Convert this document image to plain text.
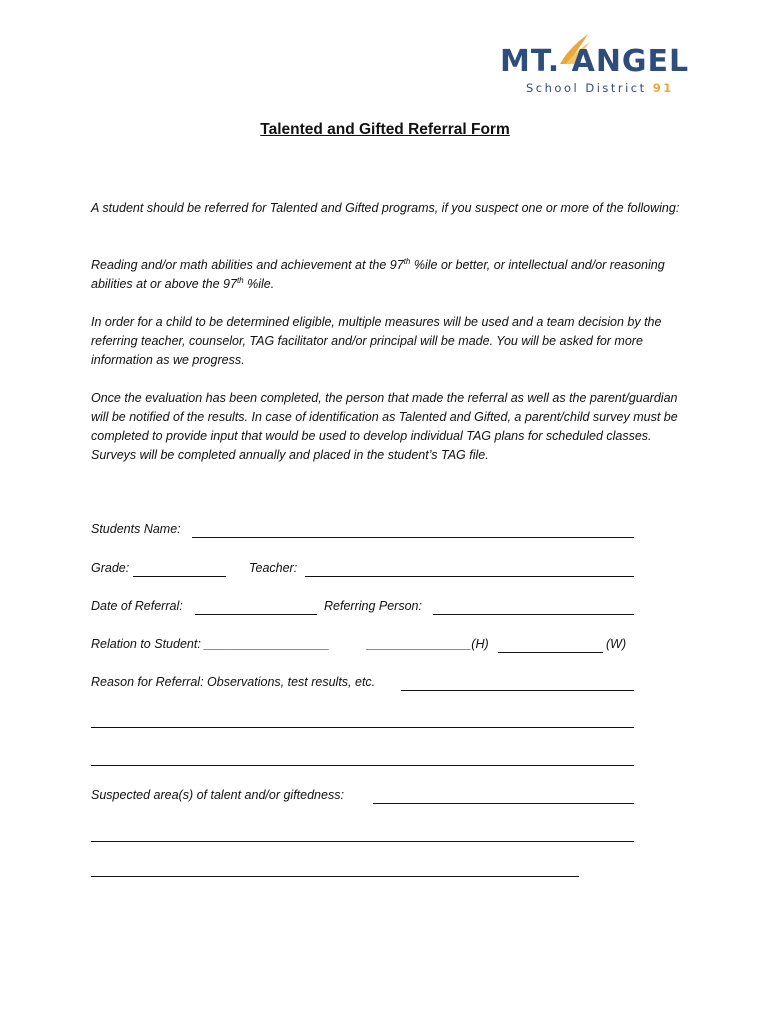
MT. ANGEL
School District 91
Talented and Gifted Referral Form

A student should be referred for Talented and Gifted programs, if you suspect one or more of the following:

Reading and/or math abilities and achievement at the 97th %ile or better, or intellectual and/or reasoning abilities at or above the 97th %ile.

In order for a child to be determined eligible, multiple measures will be used and a team decision by the referring teacher, counselor, TAG facilitator and/or principal will be made. You will be asked for more information as we progress.

Once the evaluation has been completed, the person that made the referral as well as the parent/guardian will be notified of the results. In case of identification as Talented and Gifted, a parent/child survey must be completed to provide input that would be used to develop individual TAG plans for scheduled classes. Surveys will be completed annually and placed in the student’s TAG file.

Students Name:
Grade:	Teacher:
Date of Referral:	Referring Person:
Relation to Student: __________________	_______________(H)	(W)
Reason for Referral: Observations, test results, etc.
Suspected area(s) of talent and/or giftedness:
